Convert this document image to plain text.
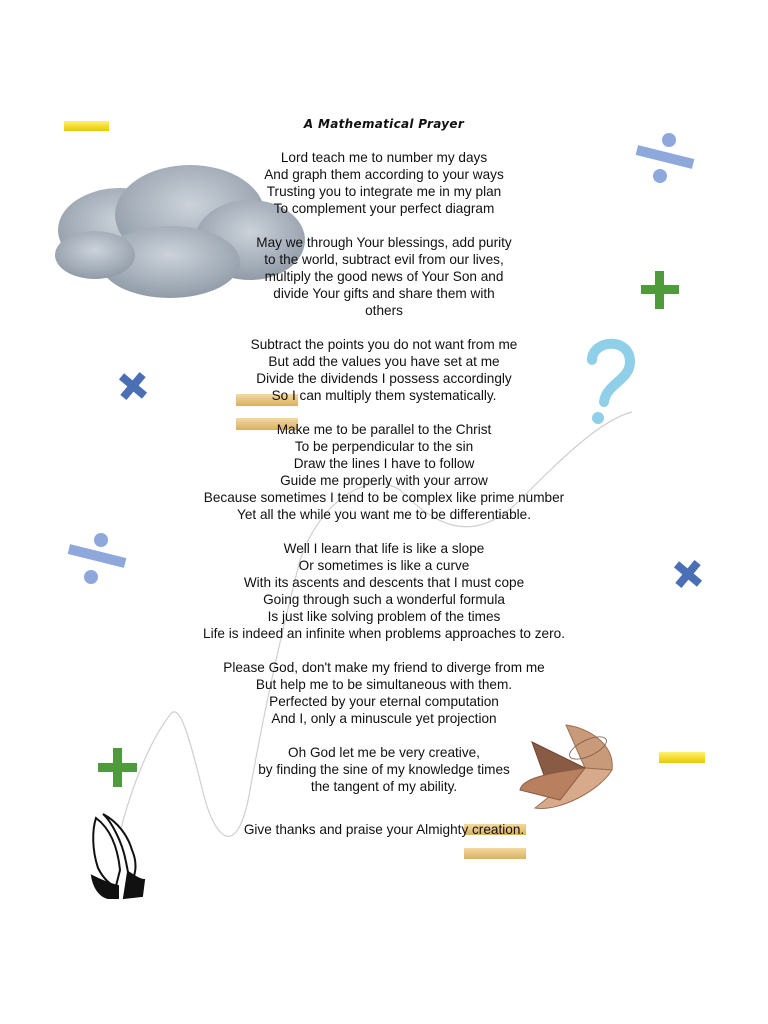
A Mathematical Prayer
Lord teach me to number my days
And graph them according to your ways
Trusting you to integrate me in my plan
To complement your perfect diagram
May we through Your blessings, add purity
to the world, subtract evil from our lives,
multiply the good news of Your Son and
divide Your gifts and share them with
others
Subtract the points you do not want from me
But add the values you have set at me
Divide the dividends I possess accordingly
So I can multiply them systematically.
Make me to be parallel to the Christ
To be perpendicular to the sin
Draw the lines I have to follow
Guide me properly with your arrow
Because sometimes I tend to be complex like prime number
Yet all the while you want me to be differentiable.
Well I learn that life is like a slope
Or sometimes is like a curve
With its ascents and descents that I must cope
Going through such a wonderful formula
Is just like solving problem of the times
Life is indeed an infinite when problems approaches to zero.
Please God, don't make my friend to diverge from me
But help me to be simultaneous with them.
Perfected by your eternal computation
And I, only a minuscule yet projection
Oh God let me be very creative,
by finding the sine of my knowledge times
the tangent of my ability.
Give thanks and praise your Almighty creation.
